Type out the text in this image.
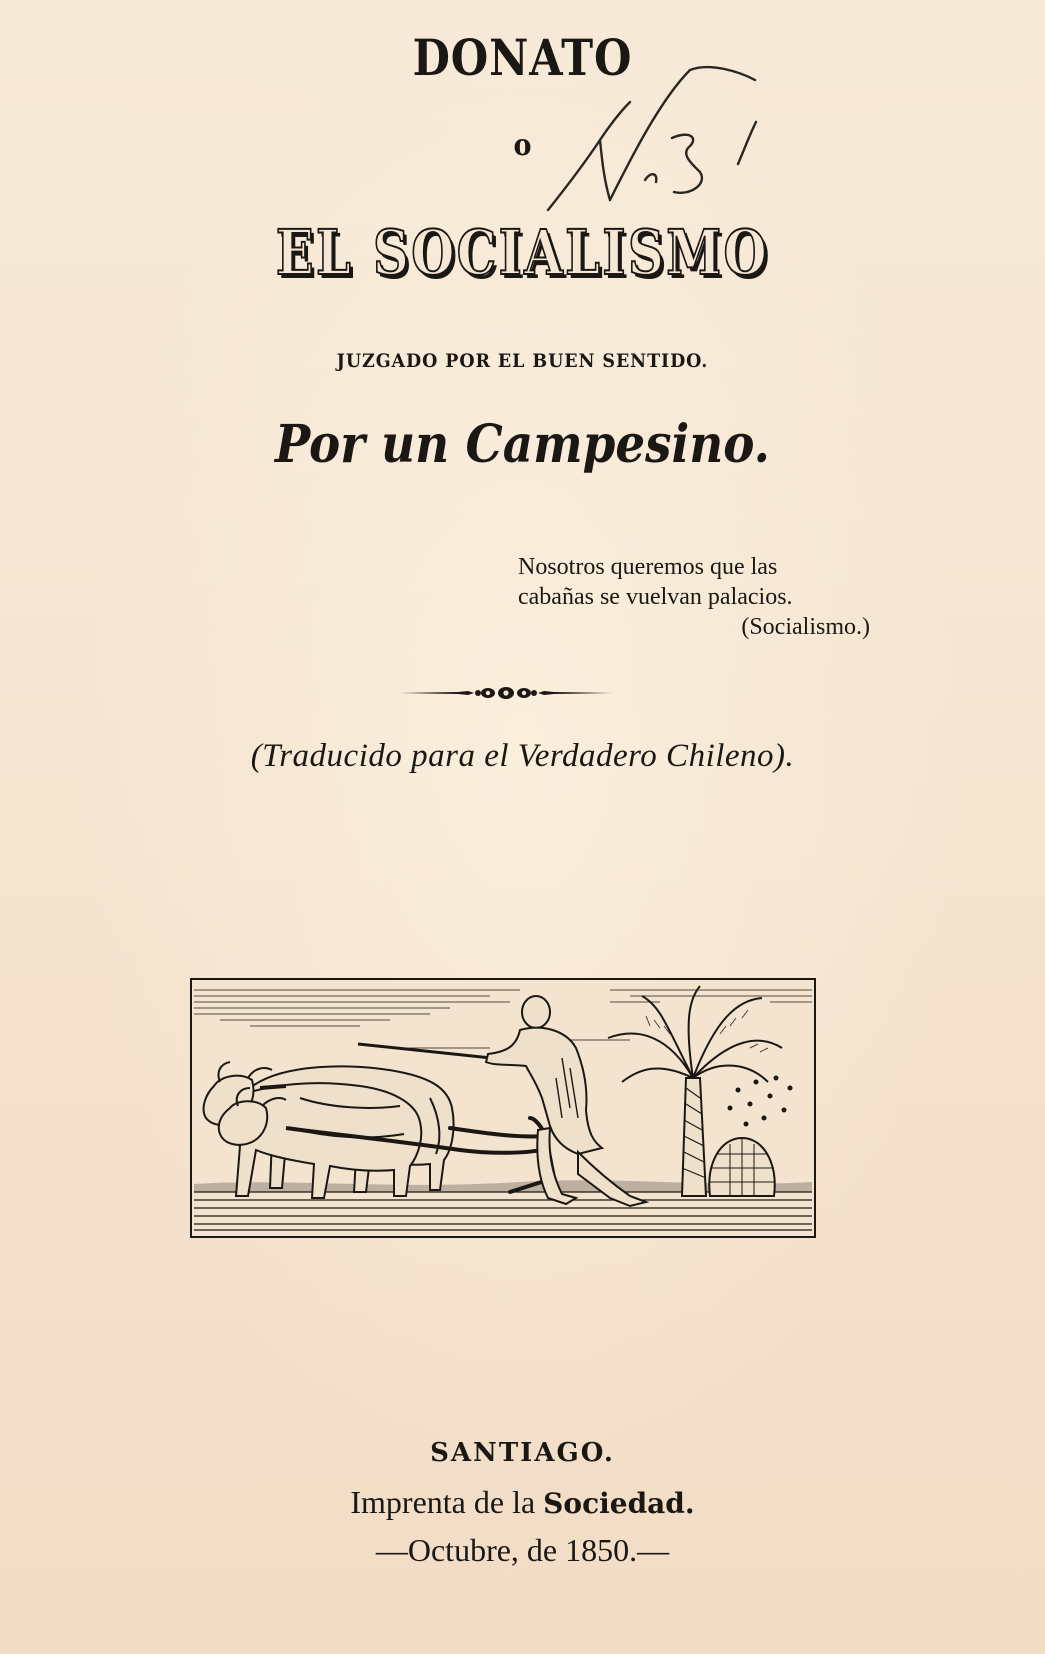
DONATO
o
EL SOCIALISMO
JUZGADO POR EL BUEN SENTIDO.
Por un Campesino.
Nosotros queremos que las
cabañas se vuelvan palacios.
(Socialismo.)
(Traducido para el Verdadero Chileno).
SANTIAGO.
Imprenta de la Sociedad.
—Octubre, de 1850.—
